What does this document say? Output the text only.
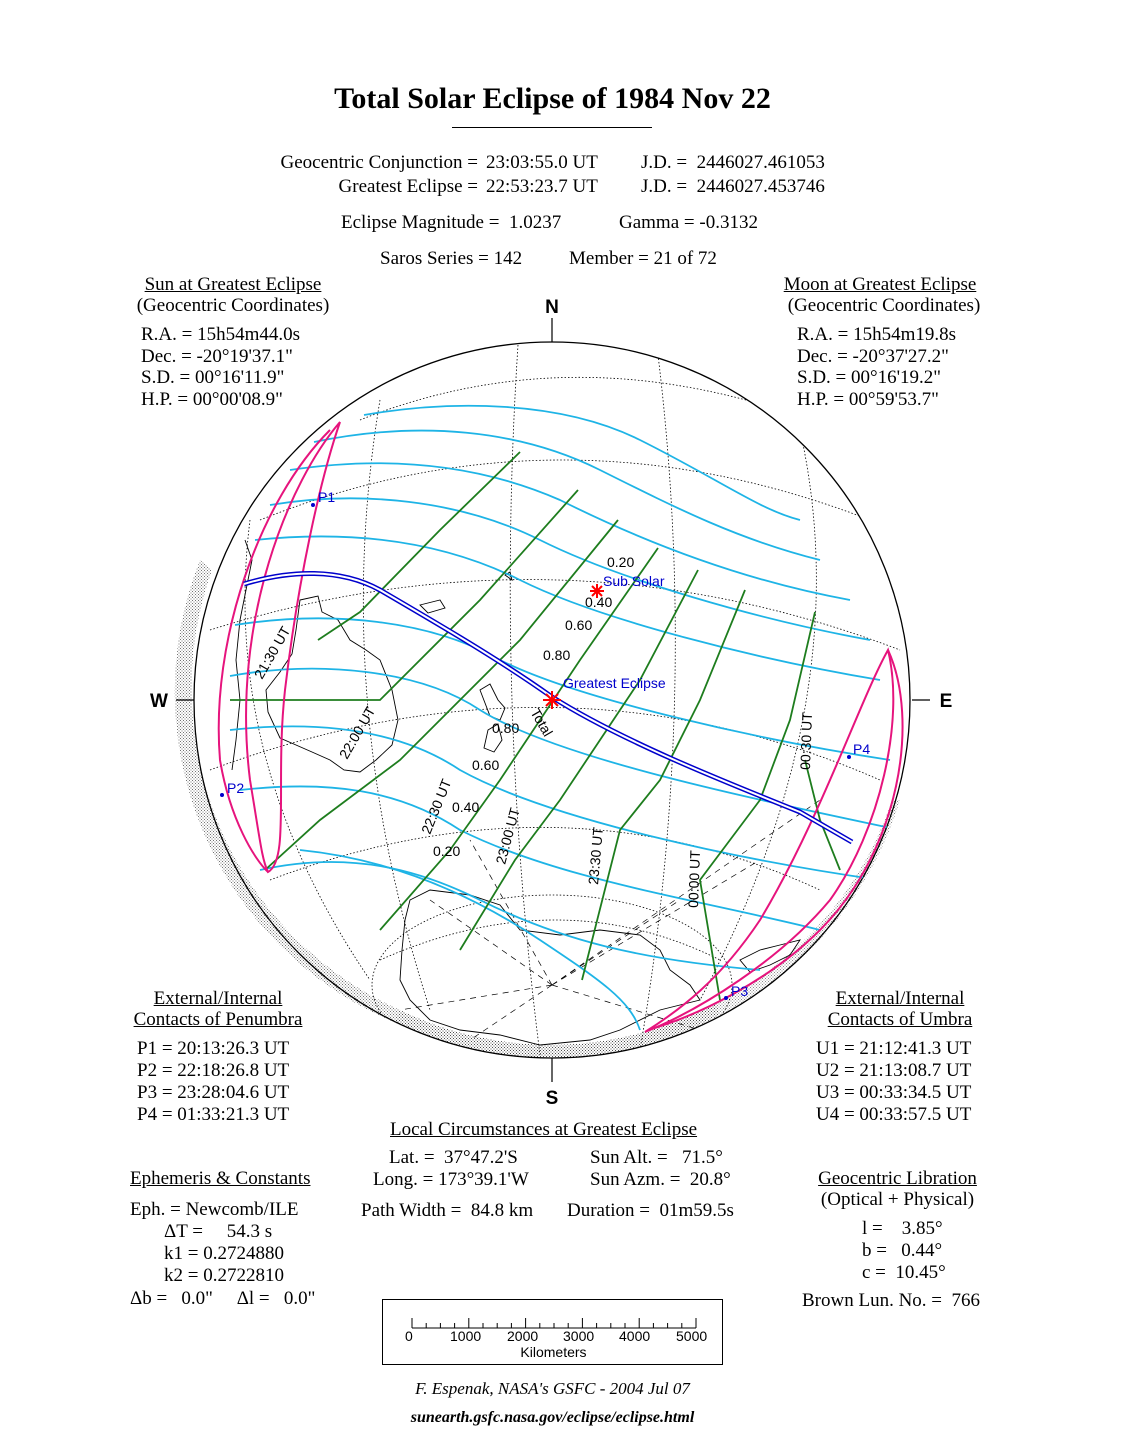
Total Solar Eclipse of 1984 Nov 22
Geocentric Conjunction = 23:03:55.0 UT J.D. =  2446027.461053
Greatest Eclipse = 22:53:23.7 UT J.D. =  2446027.453746
Eclipse Magnitude =  1.0237	Gamma = -0.3132
Saros Series = 142 Member = 21 of 72
Sun at Greatest Eclipse
(Geocentric Coordinates)
R.A. = 15h54m44.0s
Dec. = -20°19'37.1"
S.D. = 00°16'11.9"
H.P. = 00°00'08.9"
Moon at Greatest Eclipse
(Geocentric Coordinates)
R.A. = 15h54m19.8s
Dec. = -20°37'27.2"
S.D. = 00°16'19.2"
H.P. = 00°59'53.7"
N
S
W	E
P1
P2
P3
P4
Sub Solar
Greatest Eclipse
Total
0.20
0.40
0.60
0.80
0.80
0.60
0.40
0.20
21:30 UT
22:00 UT
22:30 UT	23:00 UT	23:30 UT	00:00 UT
00:30 UT
External/Internal
Contacts of Penumbra
P1 = 20:13:26.3 UT
P2 = 22:18:26.8 UT
P3 = 23:28:04.6 UT
P4 = 01:33:21.3 UT
External/Internal
Contacts of Umbra
U1 = 21:12:41.3 UT
U2 = 21:13:08.7 UT
U3 = 00:33:34.5 UT
U4 = 00:33:57.5 UT
Local Circumstances at Greatest Eclipse
Lat. =  37°47.2'S
Long. = 173°39.1'W
Sun Alt. =   71.5°
Sun Azm. =  20.8°
Path Width =  84.8 km Duration =  01m59.5s
Ephemeris & Constants
Eph. = Newcomb/ILE
ΔT =     54.3 s
k1 = 0.2724880
k2 = 0.2722810
Δb =   0.0"     Δl =   0.0"
Geocentric Libration
(Optical + Physical)
l =    3.85°
b =   0.44°
c =  10.45°
Brown Lun. No. =  766
0	1000 2000 3000 4000 5000
Kilometers
F. Espenak, NASA's GSFC - 2004 Jul 07
sunearth.gsfc.nasa.gov/eclipse/eclipse.html
